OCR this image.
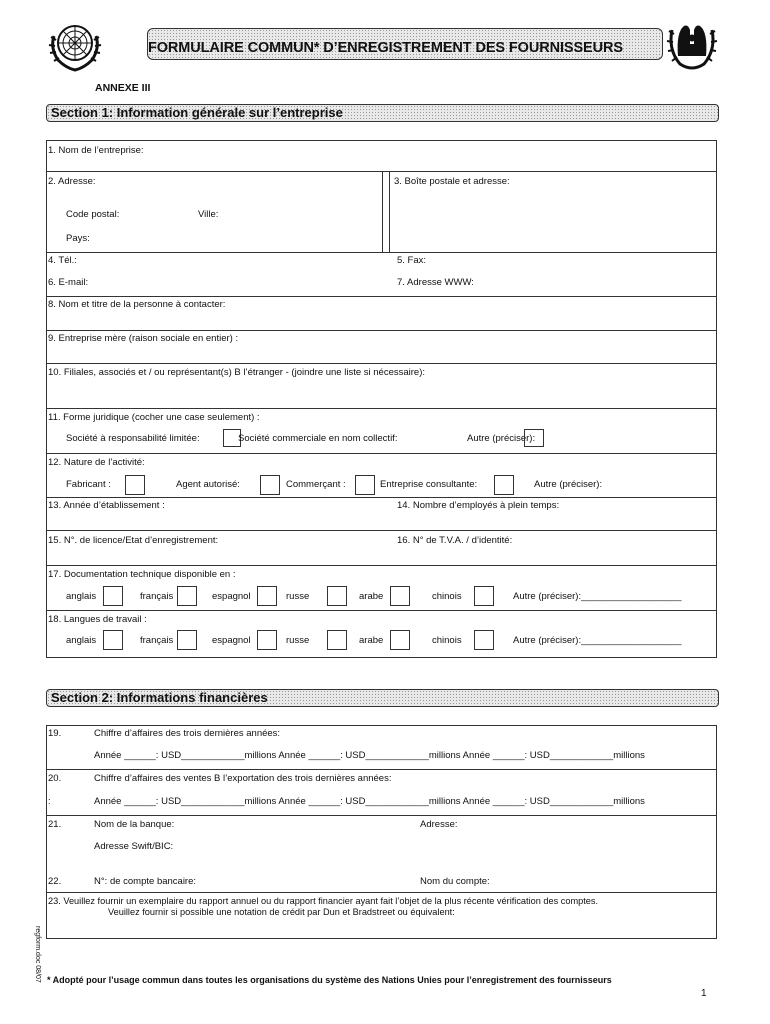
FORMULAIRE COMMUN* D’ENREGISTREMENT DES FOURNISSEURS
ANNEXE III
Section 1: Information générale sur l’entreprise
1. Nom de l’entreprise:
2. Adresse:	3. Boîte postale et adresse:
Code postal:	Ville:
Pays:
4. Tél.:	5. Fax:
6. E-mail:	7. Adresse WWW:
8. Nom et titre de la personne à contacter:
9. Entreprise mère (raison sociale en entier) :
10. Filiales, associés et / ou représentant(s) B l’étranger - (joindre une liste si nécessaire):
11. Forme juridique (cocher une case seulement) :
Société à responsabilité limitée:	Société commerciale en nom collectif:	Autre (préciser):
12. Nature de l’activité:
Fabricant :	Agent autorisé:	Commerçant :	Entreprise consultante:	Autre (préciser):
13. Année d’établissement :	14. Nombre d’employés à plein temps:
15. N°. de licence/Etat d’enregistrement:	16. N° de T.V.A. / d’identité:
17. Documentation technique disponible en :
anglais	français	espagnol	russe	arabe	chinois	Autre (préciser):___________________
18. Langues de travail :
anglais	français	espagnol	russe	arabe	chinois	Autre (préciser):___________________
Section 2: Informations financières
19.	Chiffre d’affaires des trois dernières années:
Année ______: USD____________millions Année ______: USD____________millions Année ______: USD____________millions
20.	Chiffre d’affaires des ventes B l’exportation des trois dernières années:
:	Année ______: USD____________millions Année ______: USD____________millions Année ______: USD____________millions
21.	Nom de la banque:	Adresse:
Adresse Swift/BIC:
22.	N°: de compte bancaire:	Nom du compte:
23. Veuillez fournir un exemplaire du rapport annuel ou du rapport financier ayant fait l’objet de la plus récente vérification des comptes.
Veuillez fournir si possible une notation de crédit par Dun et Bradstreet ou équivalent:
regform.doc 08/07 * Adopté pour l’usage commun dans toutes les organisations du système des Nations Unies pour l’enregistrement des fournisseurs
1
